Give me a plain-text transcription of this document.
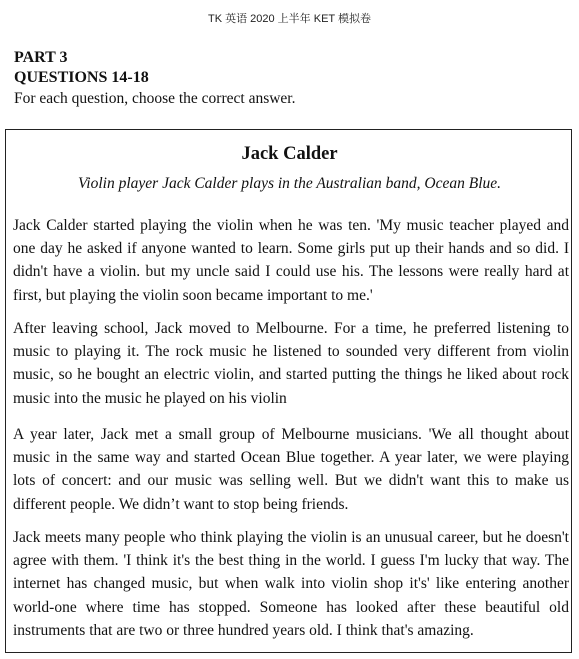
TK 英语 2020 上半年 KET 模拟卷
PART 3
QUESTIONS 14-18
For each question, choose the correct answer.
Jack Calder
Violin player Jack Calder plays in the Australian band, Ocean Blue.

Jack Calder started playing the violin when he was ten. 'My music teacher played and one day he asked if anyone wanted to learn. Some girls put up their hands and so did. I didn't have a violin. but my uncle said I could use his. The lessons were really hard at first, but playing the violin soon became important to me.'

After leaving school, Jack moved to Melbourne. For a time, he preferred listening to music to playing it. The rock music he listened to sounded very different from violin music, so he bought an electric violin, and started putting the things he liked about rock music into the music he played on his violin

A year later, Jack met a small group of Melbourne musicians. 'We all thought about music in the same way and started Ocean Blue together. A year later, we were playing lots of concert: and our music was selling well. But we didn't want this to make us different people. We didn’t want to stop being friends.

Jack meets many people who think playing the violin is an unusual career, but he doesn't agree with them. 'I think it's the best thing in the world. I guess I'm lucky that way. The internet has changed music, but when walk into violin shop it's' like entering another world-one where time has stopped. Someone has looked after these beautiful old instruments that are two or three hundred years old. I think that's amazing.
